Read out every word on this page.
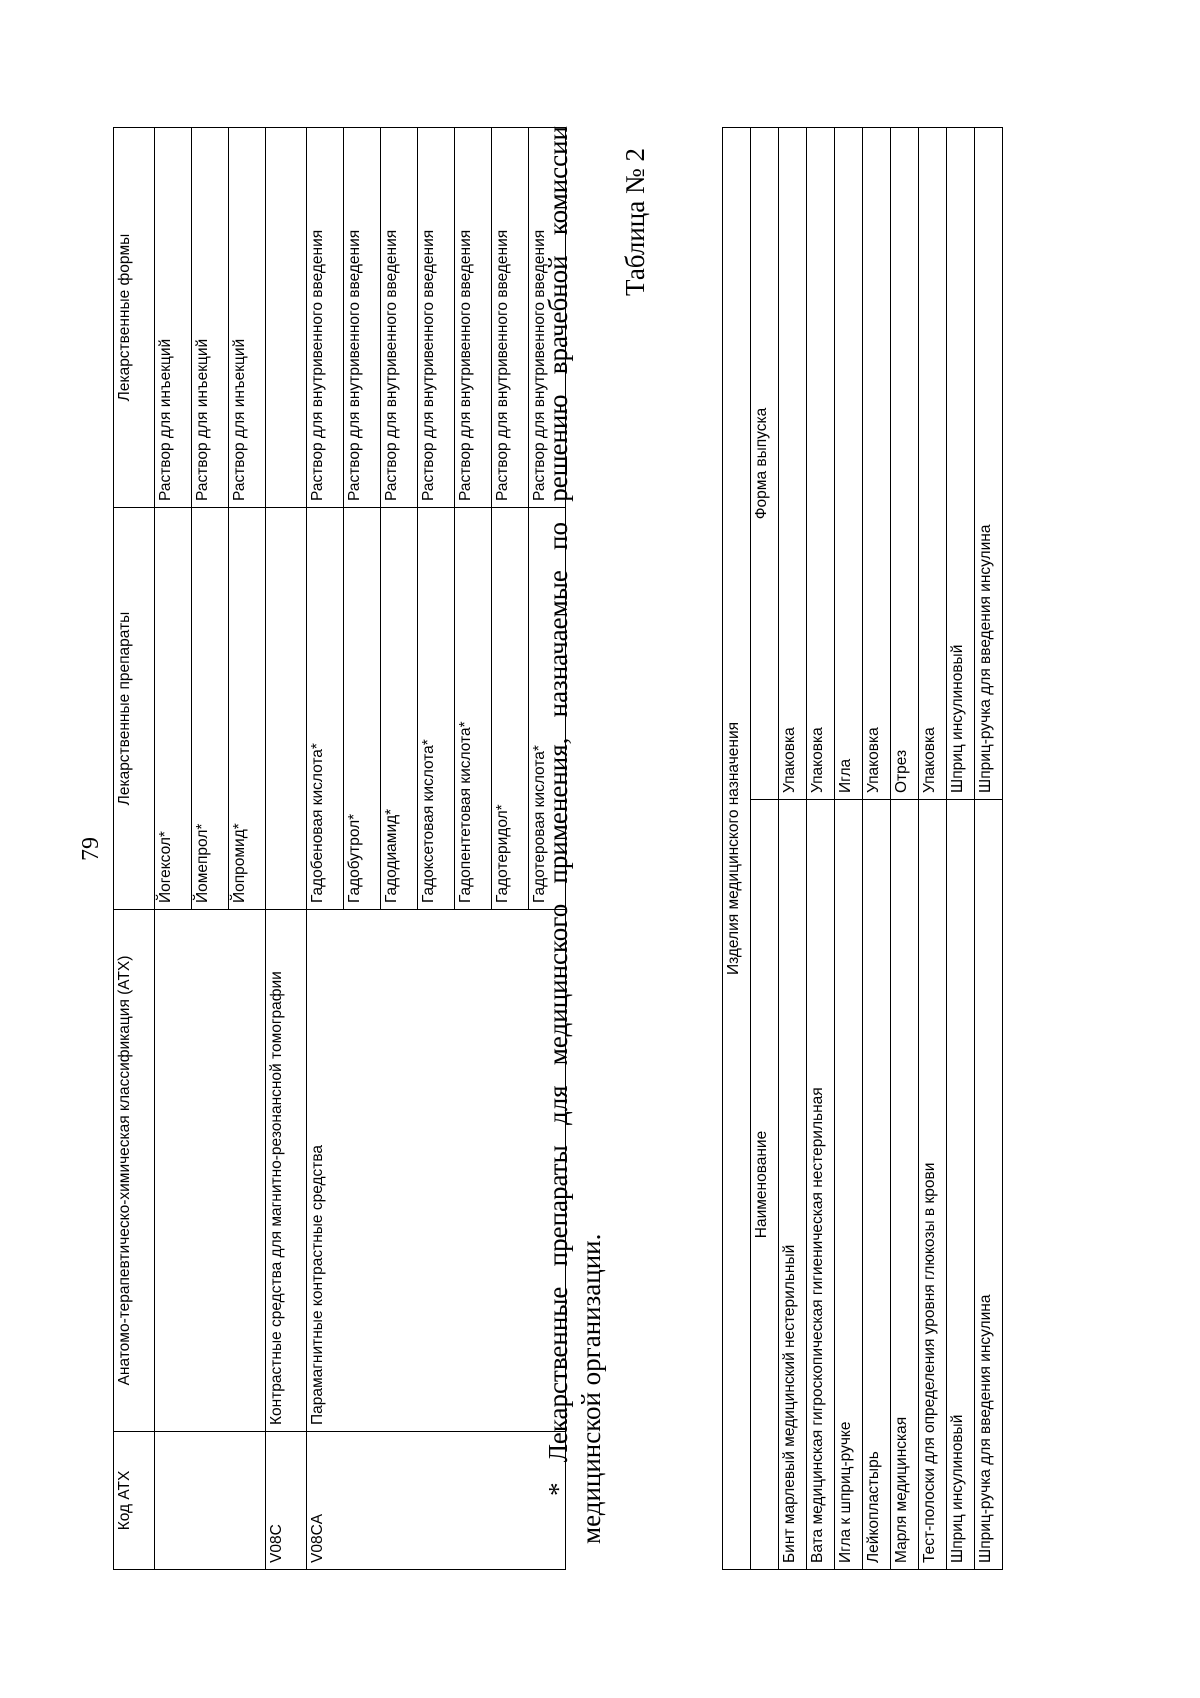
79
Код АТХ	Анатомо-терапевтическо-химическая классификация (АТХ)	Лекарственные препараты	Лекарственные формы
		Йогексол*	Раствор для инъекций
		Йомепрол*	Раствор для инъекций
		Йопромид*	Раствор для инъекций
V08C	Контрастные средства для магнитно-резонансной томографии		
V08CA	Парамагнитные контрастные средства	Гадобеновая кислота*	Раствор для внутривенного введения
		Гадобутрол*	Раствор для внутривенного введения
		Гадодиамид*	Раствор для внутривенного введения
		Гадоксетовая кислота*	Раствор для внутривенного введения
		Гадопентетовая кислота*	Раствор для внутривенного введения
		Гадотеридол*	Раствор для внутривенного введения
		Гадотеровая кислота*	Раствор для внутривенного введения
* Лекарственные препараты для медицинского применения, назначаемые по решению врачебной комиссии медицинской организации.
Таблица № 2
Изделия медицинского назначения	
Наименование	Форма выпуска
Бинт марлевый медицинский нестерильный	Упаковка
Вата медицинская гигроскопическая гигиеническая нестерильная	Упаковка
Игла к шприц-ручке	Игла
Лейкопластырь	Упаковка
Марля медицинская	Отрез
Тест-полоски для определения уровня глюкозы в крови	Упаковка
Шприц инсулиновый	Шприц инсулиновый
Шприц-ручка для введения инсулина	Шприц-ручка для введения инсулина
